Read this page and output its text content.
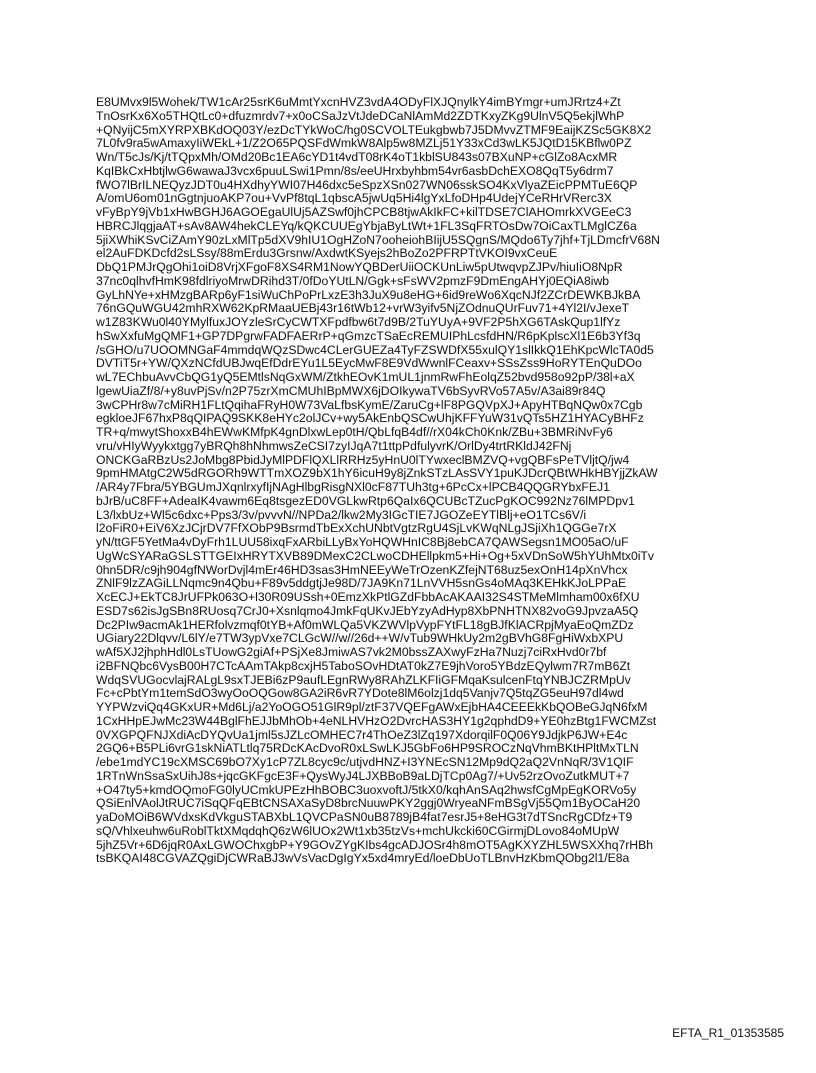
E8UMvx9l5Wohek/TW1cAr25srK6uMmtYxcnHVZ3vdA4ODyFlXJQnylkY4imBYmgr+umJRrtz4+Zt
TnOsrKx6Xo5THQtLc0+dfuzmrdv7+x0oCSaJzVtJdeDCaNlAmMd2ZDTKxyZKg9UlnV5Q5ekjlWhP
+QNyijC5mXYRPXBKdOQ03Y/ezDcTYkWoC/hg0SCVOLTEukgbwb7J5DMvvZTMF9EaijKZSc5GK8X2
7L0fv9ra5wAmaxyIiWEkL+1/Z2O65PQSFdWmkW8Alp5w8MZLj51Y33xCd3wLK5JQtD15KBflw0PZ
Wn/T5cJs/Kj/tTQpxMh/OMd20Bc1EA6cYD1t4vdT08rK4oT1kblSU843s07BXuNP+cGlZo8AcxMR
KqIBkCxHbtjlwG6wawaJ3vcx6puuLSwi1Pmn/8s/eeUHrxbyhbm54vr6asbDchEXO8QqT5y6drm7
fWO7lBrILNEQyzJDT0u4HXdhyYWI07H46dxc5eSpzXSn027WN06sskSO4KxVlyaZEicPPMTuE6QP
A/omU6om01nGgtnjuoAKP7ou+VvPf8tqL1qbscA5jwUq5Hi4lgYxLfoDHp4UdejYCeRHrVRerc3X
vFyBpY9jVb1xHwBGHJ6AGOEgaUlUj5AZSwf0jhCPCB8tjwAkIkFC+kilTDSE7ClAHOmrkXVGEeC3
HBRCJlqgjaAT+sAv8AW4hekCLEYq/kQKCUUEgYbjaByLtWt+1FL3SqFRTOsDw7OiCaxTLMglCZ6a
5jiXWhiKSvCiZAmY90zLxMlTp5dXV9hIU1OgHZoN7ooheiohBIijU5SQgnS/MQdo6Ty7jhf+TjLDmcfrV68N
el2AuFDKDcfd2sLSsy/88mErdu3Grsnw/AxdwtKSyejs2hBoZo2PFRPTtVKOI9vxCeuE
DbQ1PMJrQgOhi1oiD8VrjXFgoF8XS4RM1NowYQBDerUiiOCKUnLiw5pUtwqvpZJPv/hiuIiO8NpR
37nc0qlhvfHmK98fdlriyoMrwDRihd3T/0fDoYUtLN/Ggk+sFsWV2pmzF9DmEngAHYj0EQiA8iwb
GyLhNYe+xHMzgBARp6yF1siWuChPoPrLxzE3h3JuX9u8eHG+6id9reWo6XqcNJf2ZCrDEWKBJkBA
76nGQuWGU42mhRXW62KpRMaaUEBj43r16tWb12+vrW3yifv5NjZOdnuQUrFuv71+4Yl2I/vJexeT
w1Z83KWu0l40YMylfuxJOYzleSrCyCWTXFpdfbw6t7d9B/2TuYUyA+9VF2P5hXG6TAskQup1lfYz
hSwXxfuMgQMF1+GP7DPgrwFADFAERrP+qGmzcTSaEcREMUIPhLcsfdHN/R6pKplscXl1E6b3Yf3q
/sGHO/u7UOOMNGaF4mmdqWQzSDwc4CLerGUEZa4TyFZSWDfX55xulQY1slIkkQ1EhKpcWlcTA0d5
DVTiT5r+YW/QXzNCfdUBJwqEfDdrEYu1L5EycMwF8E9VdWwnlFCeaxv+SSsZss9HoRYTEnQuDOo
wL7EChbuAvvCbQG1yQ5EMtlsNqGxWM/ZtkhEOvK1mUL1jnmRwFhEolqZ52bvd958o92pP/38l+aX
lgewUiaZf/8/+y8uvPjSv/n2P75zrXmCMUhIBpMWX6jDOIkywaTV6bSyvRVo57A5v/A3ai89r84Q
3wCPHr8w7cMiRH1FLtQqihaFRyH0W73VaLfbsKymE/ZaruCg+lF8PGQVpXJ+ApyHTBqNQw0x7Cgb
egkloeJF67hxP8qQIPAQ9SKK8eHYc2olJCv+wy5AkEnbQSCwUhjKFFYuW31vQTs5HZ1HYACyBHFz
TR+q/mwytShoxxB4hEWwKMfpK4gnDlxwLep0tH/QbLfqB4df//rX04kCh0Knk/ZBu+3BMRiNvFy6
vru/vHIyWyykxtgg7yBRQh8hNhmwsZeCSI7zyIJqA7t1ttpPdfulyvrK/OrlDy4trtRKldJ42FNj
ONCKGaRBzUs2JoMbg8PbidJyMlPDFlQXLlRRHz5yHnU0lTYwxeclBMZVQ+vgQBFsPeTVljtQ/jw4
9pmHMAtgC2W5dRGORh9WTTmXOZ9bX1hY6icuH9y8jZnkSTzLAsSVY1puKJDcrQBtWHkHBYjjZkAW
/AR4y7Fbra/5YBGUmJXqnlrxyfIjNAgHlbgRisgNXl0cF87TUh3tg+6PcCx+lPCB4QQGRYbxFEJ1
bJrB/uC8FF+AdeaIK4vawm6Eq8tsgezED0VGLkwRtp6QaIx6QCUBcTZucPgKOC992Nz76lMPDpv1
L3/lxbUz+Wl5c6dxc+Pps3/3v/pvvvN//NPDa2/lkw2My3IGcTIE7JGOZeEYTlBlj+eO1TCs6V/i
l2oFiR0+EiV6XzJCjrDV7FfXObP9BsrmdTbExXchUNbtVgtzRgU4SjLvKWqNLgJSjiXh1QGGe7rX
yN/ttGF5YetMa4vDyFrh1LUU58ixqFxARbiLLyBxYoHQWHnIC8Bj8ebCA7QAWSegsn1MO05aO/uF
UgWcSYARaGSLSTTGEIxHRYTXVB89DMexC2CLwoCDHEllpkm5+Hi+Og+5xVDnSoW5hYUhMtx0iTv
0hn5DR/c9jh904gfNWorDvjl4mEr46HD3sas3HmNEEyWeTrOzenKZfejNT68uz5exOnH14pXnVhcx
ZNlF9lzZAGiLLNqmc9n4Qbu+F89v5ddgtjJe98D/7JA9Kn71LnVVH5snGs4oMAq3KEHkKJoLPPaE
XcECJ+EkTC8JrUFPk063O+l30R09USsh+0EmzXkPtlGZdFbbAcAKAAI32S4STMeMlmham00x6fXU
ESD7s62isJgSBn8RUosq7CrJ0+Xsnlqmo4JmkFqUKvJEbYzyAdHyp8XbPNHTNX82voG9JpvzaA5Q
Dc2PIw9acmAk1HERfolvzmqf0tYB+Af0mWLQa5VKZWVlpVypFYtFL18gBJfKlACRpjMyaEoQmZDz
UGiary22Dlqvv/L6lY/e7TW3ypVxe7CLGcW//w//26d++W/vTub9WHkUy2m2gBVhG8FgHiWxbXPU
wAf5XJ2jhphHdl0LsTUowG2giAf+PSjXe8JmiwAS7vk2M0bssZAXwyFzHa7Nuzj7ciRxHvd0r7bf
i2BFNQbc6VysB00H7CTcAAmTAkp8cxjH5TaboSOvHDtAT0kZ7E9jhVoro5YBdzEQylwm7R7mB6Zt
WdqSVUGocvlajRALgL9sxTJEBi6zP9aufLEgnRWy8RAhZLKFIiGFMqaKsulcenFtqYNBJCZRMpUv
Fc+cPbtYm1temSdO3wyOoOQGow8GA2iR6vR7YDote8lM6olzj1dq5Vanjv7Q5tqZG5euH97dl4wd
YYPWzviQq4GKxUR+Md6Lj/a2YoOGO51GlR9pl/ztF37VQEFgAWxEjbHA4CEEEkKbQOBeGJqN6fxM
1CxHHpEJwMc23W44BglFhEJJbMhOb+4eNLHVHzO2DvrcHAS3HY1g2qphdD9+YE0hzBtg1FWCMZst
0VXGPQFNJXdiAcDYQvUa1jml5sJZLcOMHEC7r4ThOeZ3lZq197XdorqilF0Q06Y9JdjkP6JW+E4c
2GQ6+B5PLi6vrG1skNiATLtlq75RDcKAcDvoR0xLSwLKJ5GbFo6HP9SROCzNqVhmBKtHPltMxTLN
/ebe1mdYC19cXMSC69bO7Xy1cP7ZL8cyc9c/utjvdHNZ+I3YNEcSN12Mp9dQ2aQ2VnNqR/3V1QIF
1RTnWnSsaSxUihJ8s+jqcGKFgcE3F+QysWyJ4LJXBBoB9aLDjTCp0Ag7/+Uv52rzOvoZutkMUT+7
+O47ty5+kmdOQmoFG0lyUCmkUPEzHhBOBC3uoxvoftJ/5tkX0/kqhAnSAq2hwsfCgMpEgKORVo5y
QSiEnlVAolJtRUC7iSqQFqEBtCNSAXaSyD8brcNuuwPKY2ggj0WryeaNFmBSgVj55Qm1ByOCaH20
yaDoMOiB6WVdxsKdVkguSTABXbL1QVCPaSN0uB8789jB4fat7esrJ5+8eHG3t7dTSncRgCDfz+T9
sQ/Vhlxeuhw6uRoblTktXMqdqhQ6zW6lUOx2Wt1xb35tzVs+mchUkcki60CGirmjDLovo84oMUpW
5jhZ5Vr+6D6jqR0AxLGWOChxgbP+Y9GOvZYgKIbs4gcADJOSr4h8mOT5AgKXYZHL5WSXXhq7rHBh
tsBKQAI48CGVAZQgiDjCWRaBJ3wVsVacDgIgYx5xd4mryEd/loeDbUoTLBnvHzKbmQObg2l1/E8a
EFTA_R1_01353585
